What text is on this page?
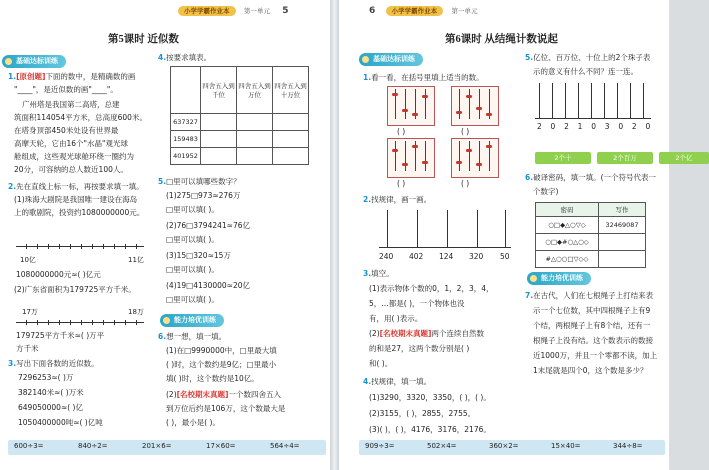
小学学霸作业本 第一单元 5
第5课时 近似数
基础达标训练
1.[原创题]下面的数中，是精确数的画
"____"，是近似数的画"____"。
广州塔是我国第二高塔，总建
筑面积114054平方米，总高度600米。
在塔身顶部450米处设有世界最
高摩天轮，它由16个"水晶"观光球
舱组成，这些观光球舱环绕一圈约为
20分，可容纳的总人数近100人。
2.先在直线上标一标，再按要求填一填。
(1)珠海大剧院是我国唯一建设在海岛
上的歌剧院，投资约1080000000元。
10亿	11亿
1080000000元≈( )亿元
(2)广东省面积为179725平方千米。
17万	18万
179725平方千米≈( )万平
方千米
3.写出下面各数的近似数。
7296253≈( )万
382140米≈( )万米
649050000≈( )亿
1050400000吨≈( )亿吨
4.按要求填表。
	四舍五入到千位	四舍五入到万位	四舍五入到十万位
637327			
159483			
401952			
5.□里可以填哪些数字？
(1)275□973≈276万
□里可以填( )。
(2)76□3794241≈76亿
□里可以填( )。
(3)15□320≈15万
□里可以填( )。
(4)19□4130000≈20亿
□里可以填( )。
能力培优训练
6.想一想，填一填。
(1)在□9990000中，□里最大填
( )时，这个数约是9亿；□里最小
填( )时，这个数约是10亿。
(2)[名校期末真题]一个数四舍五入
到万位后约是106万，这个数最大是
( )，最小是( )。
600÷3=	840÷2=	201×6=	17×60=	564÷4=
6	小学学霸作业本 第一单元
第6课时 从结绳计数说起
基础达标训练
1.看一看，在括号里填上适当的数。
( )	( )
( )	( )
2.找规律，画一画。
240 402 124 320 50
3.填空。
(1)表示物体个数的0，1，2，3，4，
5，…都是( )，一个物体也没
有，用( )表示。
(2)[名校期末真题]两个连续自然数
的和是27，这两个数分别是( )
和( )。
4.找规律，填一填。
(1)3290，3320，3350，( )，( )。
(2)3155，( )，2855，2755。
(3)( )，( )，4176，3176，2176。
5.亿位、百万位、十位上的2个珠子表
示的意义有什么不同？连一连。
2 0 2 1 0 3 0 2 0
2个十	2个百万	2个亿
6.破译密码，填一填。(一个符号代表一
个数字)
密码	写作
○□◆△○▽◇	32469087
○□◆#○△○◇	
#△○○□▽◇◇	
能力培优训练
7.在古代，人们在七根绳子上打结来表
示一个七位数，其中四根绳子上有9
个结，两根绳子上有8个结，还有一
根绳子上没有结。这个数表示的数接
近1000万，并且一个零都不读，加上
1末尾就是四个0，这个数是多少？
909÷3=	502×4=	360×2=	15×40=	344÷8=
